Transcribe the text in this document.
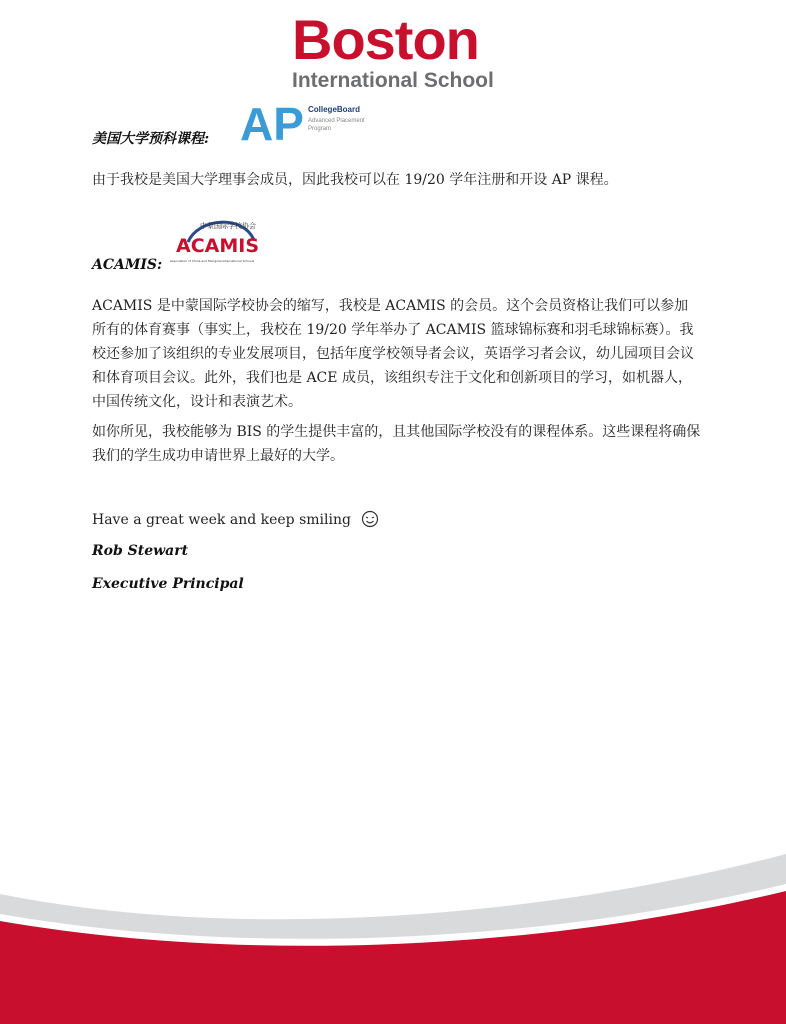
Boston
International School
美国大学预科课程: AP CollegeBoard
Advanced Placement
Program
由于我校是美国大学理事会成员，因此我校可以在 19/20 学年注册和开设 AP 课程。
中蒙国际学校协会
ACAMIS
Association of China and Mongolia International Schools
ACAMIS:
ACAMIS 是中蒙国际学校协会的缩写，我校是 ACAMIS 的会员。这个会员资格让我们可以参加所有的体育赛事（事实上，我校在 19/20 学年举办了 ACAMIS 篮球锦标赛和羽毛球锦标赛）。我校还参加了该组织的专业发展项目，包括年度学校领导者会议，英语学习者会议，幼儿园项目会议和体育项目会议。此外，我们也是 ACE 成员，该组织专注于文化和创新项目的学习，如机器人，中国传统文化，设计和表演艺术。
如你所见，我校能够为 BIS 的学生提供丰富的，且其他国际学校没有的课程体系。这些课程将确保我们的学生成功申请世界上最好的大学。
Have a great week and keep smiling
Rob Stewart
Executive Principal
